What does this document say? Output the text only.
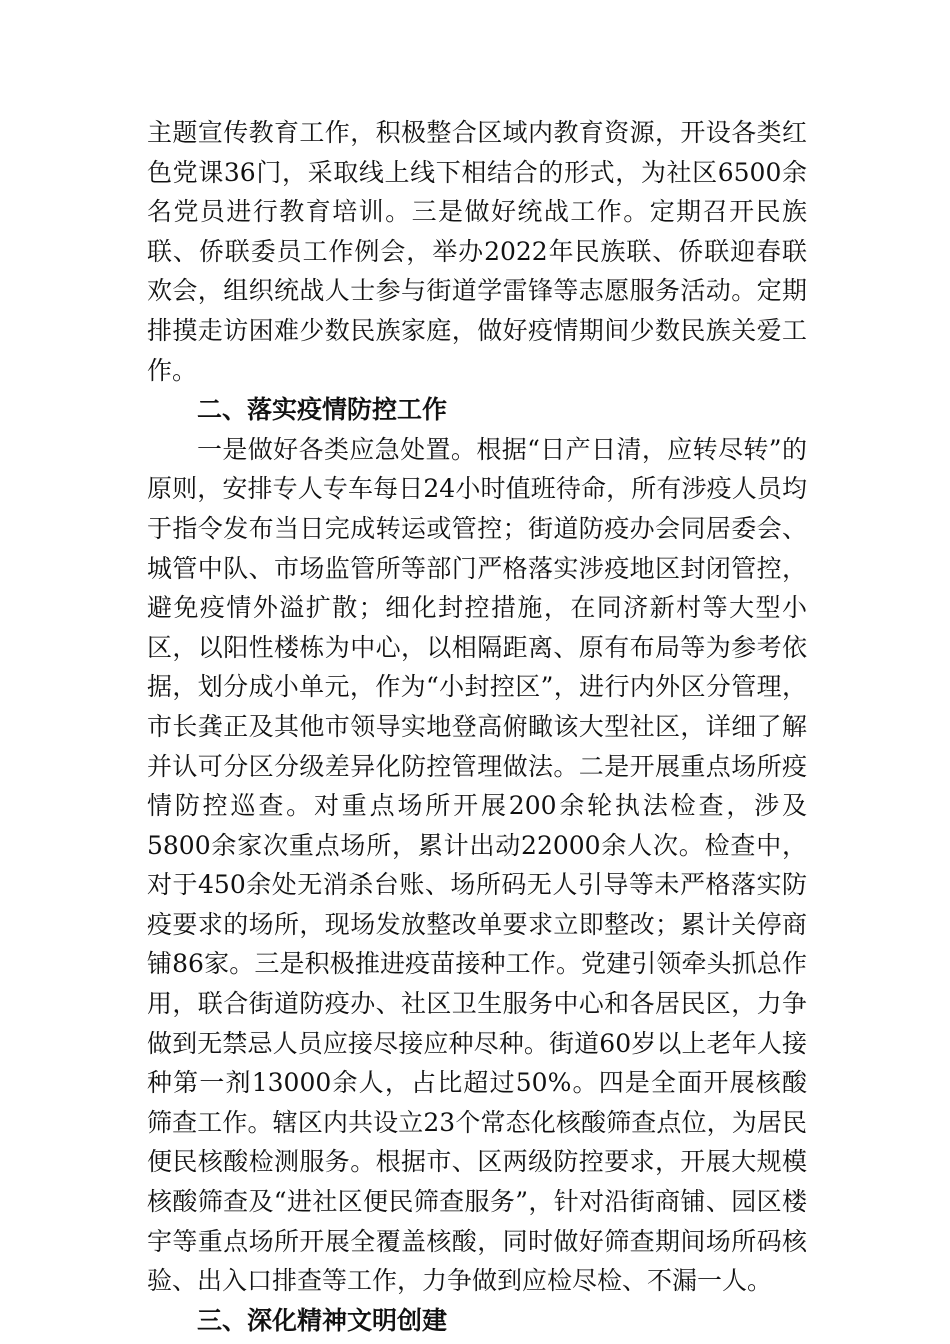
主题宣传教育工作，积极整合区域内教育资源，开设各类红色党课36门，采取线上线下相结合的形式，为社区6500余名党员进行教育培训。三是做好统战工作。定期召开民族联、侨联委员工作例会，举办2022年民族联、侨联迎春联欢会，组织统战人士参与街道学雷锋等志愿服务活动。定期排摸走访困难少数民族家庭，做好疫情期间少数民族关爱工作。

二、落实疫情防控工作

一是做好各类应急处置。根据“日产日清，应转尽转”的原则，安排专人专车每日24小时值班待命，所有涉疫人员均于指令发布当日完成转运或管控；街道防疫办会同居委会、城管中队、市场监管所等部门严格落实涉疫地区封闭管控，避免疫情外溢扩散；细化封控措施，在同济新村等大型小区，以阳性楼栋为中心，以相隔距离、原有布局等为参考依据，划分成小单元，作为“小封控区”，进行内外区分管理，市长龚正及其他市领导实地登高俯瞰该大型社区，详细了解并认可分区分级差异化防控管理做法。二是开展重点场所疫情防控巡查。对重点场所开展200余轮执法检查，涉及5800余家次重点场所，累计出动22000余人次。检查中，对于450余处无消杀台账、场所码无人引导等未严格落实防疫要求的场所，现场发放整改单要求立即整改；累计关停商铺86家。三是积极推进疫苗接种工作。党建引领牵头抓总作用，联合街道防疫办、社区卫生服务中心和各居民区，力争做到无禁忌人员应接尽接应种尽种。街道60岁以上老年人接种第一剂13000余人，占比超过50%。四是全面开展核酸筛查工作。辖区内共设立23个常态化核酸筛查点位，为居民便民核酸检测服务。根据市、区两级防控要求，开展大规模核酸筛查及“进社区便民筛查服务”，针对沿街商铺、园区楼宇等重点场所开展全覆盖核酸，同时做好筛查期间场所码核验、出入口排查等工作，力争做到应检尽检、不漏一人。

三、深化精神文明创建
